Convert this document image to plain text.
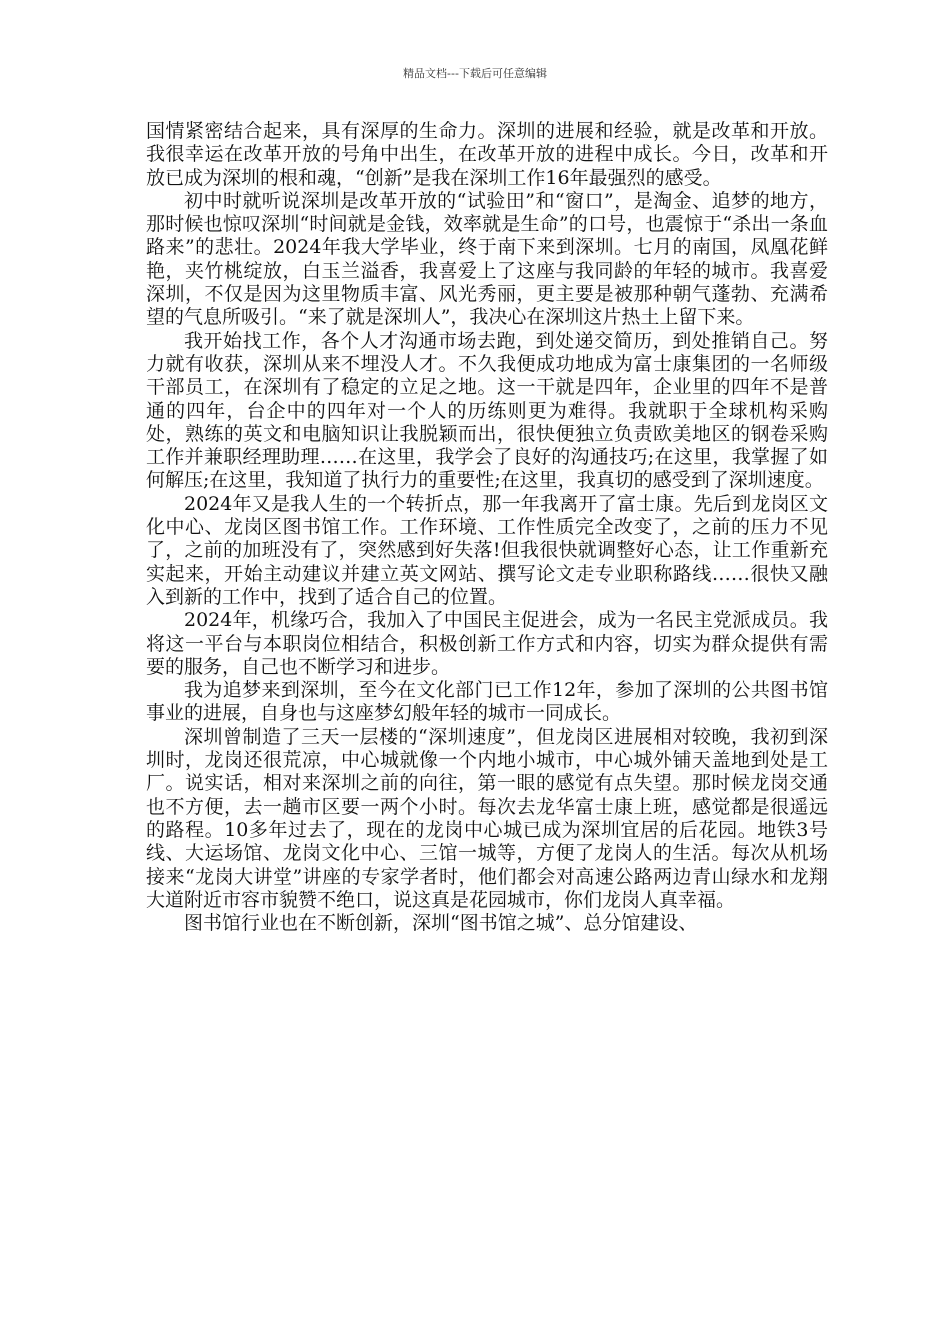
精品文档---下载后可任意编辑

国情紧密结合起来，具有深厚的生命力。深圳的进展和经验，就是改革和开放。我很幸运在改革开放的号角中出生，在改革开放的进程中成长。今日，改革和开放已成为深圳的根和魂，“创新”是我在深圳工作16年最强烈的感受。

初中时就听说深圳是改革开放的“试验田”和“窗口”，是淘金、追梦的地方，那时候也惊叹深圳“时间就是金钱，效率就是生命”的口号，也震惊于“杀出一条血路来”的悲壮。2024年我大学毕业，终于南下来到深圳。七月的南国，凤凰花鲜艳，夹竹桃绽放，白玉兰溢香，我喜爱上了这座与我同龄的年轻的城市。我喜爱深圳，不仅是因为这里物质丰富、风光秀丽，更主要是被那种朝气蓬勃、充满希望的气息所吸引。“来了就是深圳人”，我决心在深圳这片热土上留下来。

我开始找工作，各个人才沟通市场去跑，到处递交简历，到处推销自己。努力就有收获，深圳从来不埋没人才。不久我便成功地成为富士康集团的一名师级干部员工，在深圳有了稳定的立足之地。这一干就是四年，企业里的四年不是普通的四年，台企中的四年对一个人的历练则更为难得。我就职于全球机构采购处，熟练的英文和电脑知识让我脱颖而出，很快便独立负责欧美地区的钢卷采购工作并兼职经理助理……在这里，我学会了良好的沟通技巧;在这里，我掌握了如何解压;在这里，我知道了执行力的重要性;在这里，我真切的感受到了深圳速度。

2024年又是我人生的一个转折点，那一年我离开了富士康。先后到龙岗区文化中心、龙岗区图书馆工作。工作环境、工作性质完全改变了，之前的压力不见了，之前的加班没有了，突然感到好失落!但我很快就调整好心态，让工作重新充实起来，开始主动建议并建立英文网站、撰写论文走专业职称路线……很快又融入到新的工作中，找到了适合自己的位置。

2024年，机缘巧合，我加入了中国民主促进会，成为一名民主党派成员。我将这一平台与本职岗位相结合，积极创新工作方式和内容，切实为群众提供有需要的服务，自己也不断学习和进步。

我为追梦来到深圳，至今在文化部门已工作12年，参加了深圳的公共图书馆事业的进展，自身也与这座梦幻般年轻的城市一同成长。

深圳曾制造了三天一层楼的“深圳速度”，但龙岗区进展相对较晚，我初到深圳时，龙岗还很荒凉，中心城就像一个内地小城市，中心城外铺天盖地到处是工厂。说实话，相对来深圳之前的向往，第一眼的感觉有点失望。那时候龙岗交通也不方便，去一趟市区要一两个小时。每次去龙华富士康上班，感觉都是很遥远的路程。10多年过去了，现在的龙岗中心城已成为深圳宜居的后花园。地铁3号线、大运场馆、龙岗文化中心、三馆一城等，方便了龙岗人的生活。每次从机场接来“龙岗大讲堂”讲座的专家学者时，他们都会对高速公路两边青山绿水和龙翔大道附近市容市貌赞不绝口，说这真是花园城市，你们龙岗人真幸福。

图书馆行业也在不断创新，深圳“图书馆之城”、总分馆建设、
